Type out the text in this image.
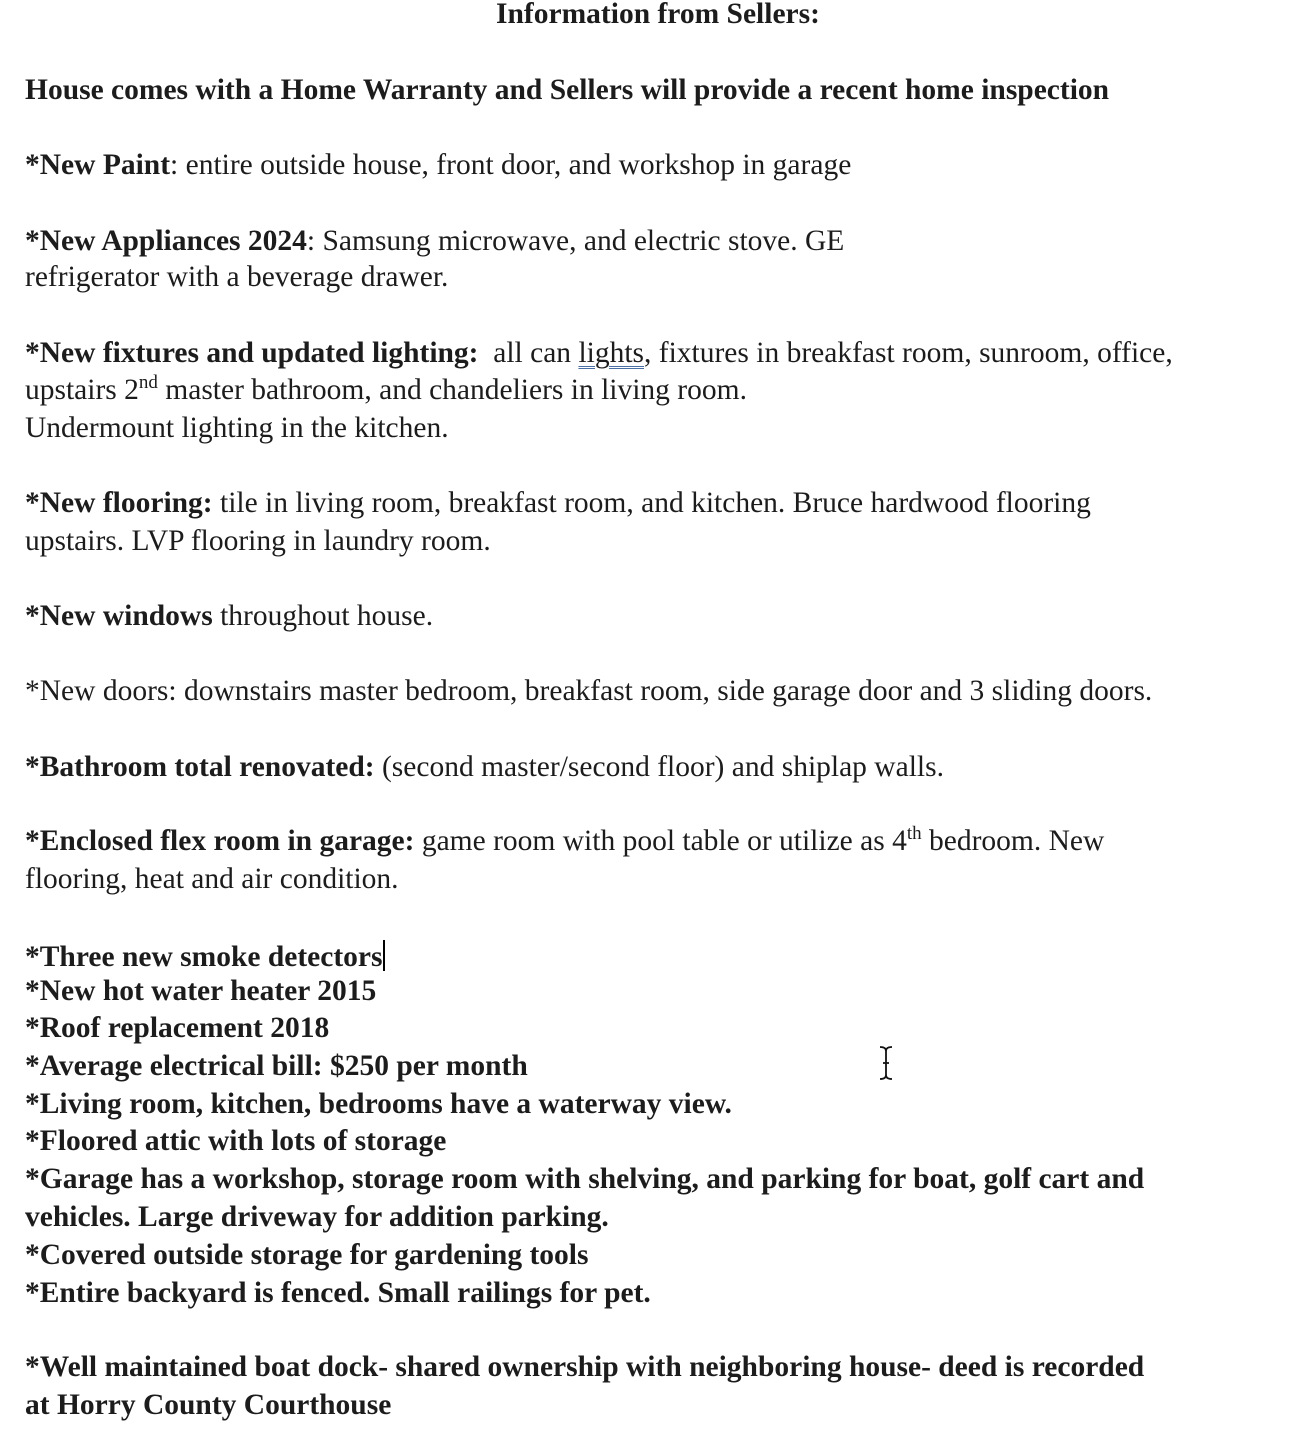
Information from Sellers:
House comes with a Home Warranty and Sellers will provide a recent home inspection
*New Paint: entire outside house, front door, and workshop in garage
*New Appliances 2024: Samsung microwave, and electric stove. GE
refrigerator with a beverage drawer.
*New fixtures and updated lighting:  all can lights, fixtures in breakfast room, sunroom, office,
upstairs 2nd master bathroom, and chandeliers in living room.
Undermount lighting in the kitchen.
*New flooring: tile in living room, breakfast room, and kitchen. Bruce hardwood flooring
upstairs. LVP flooring in laundry room.
*New windows throughout house.
*New doors: downstairs master bedroom, breakfast room, side garage door and 3 sliding doors.
*Bathroom total renovated: (second master/second floor) and shiplap walls.
*Enclosed flex room in garage: game room with pool table or utilize as 4th bedroom. New
flooring, heat and air condition.
*Three new smoke detectors
*New hot water heater 2015
*Roof replacement 2018
*Average electrical bill: $250 per month
*Living room, kitchen, bedrooms have a waterway view.
*Floored attic with lots of storage
*Garage has a workshop, storage room with shelving, and parking for boat, golf cart and
vehicles. Large driveway for addition parking.
*Covered outside storage for gardening tools
*Entire backyard is fenced. Small railings for pet.
*Well maintained boat dock- shared ownership with neighboring house- deed is recorded
at Horry County Courthouse
